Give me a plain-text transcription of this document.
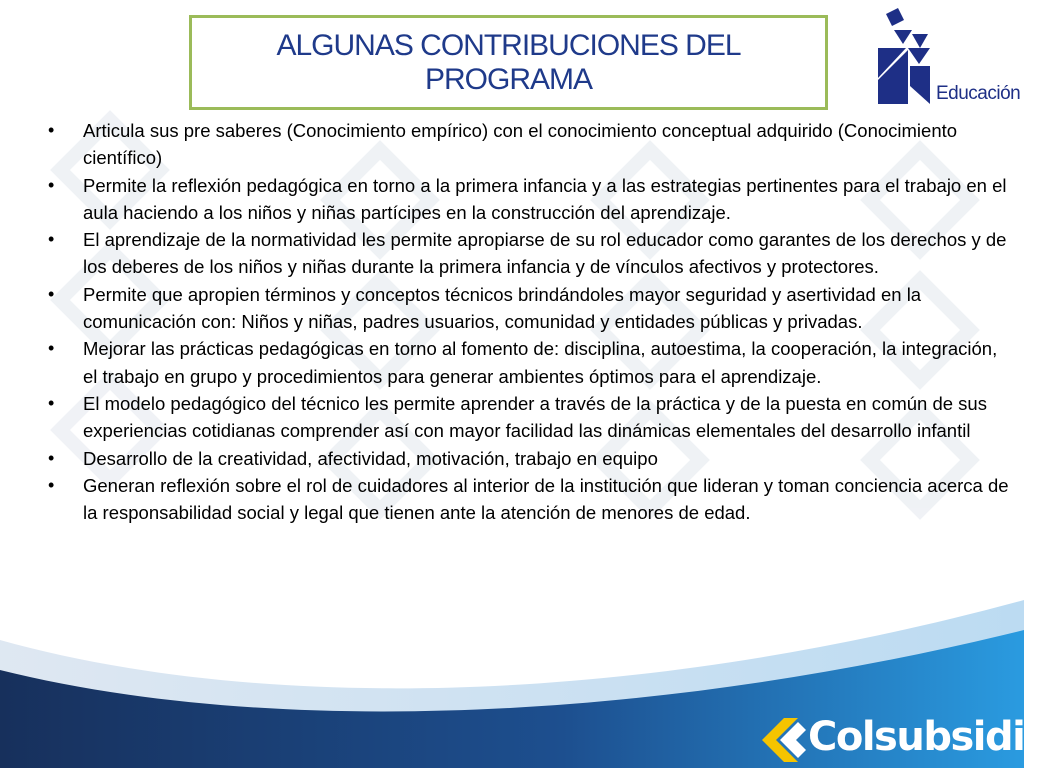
ALGUNAS CONTRIBUCIONES DEL
PROGRAMA	Educación
•	Articula sus pre saberes (Conocimiento empírico) con el conocimiento conceptual adquirido (Conocimiento científico)
•	Permite la reflexión pedagógica en torno a la primera infancia y a las estrategias pertinentes para el trabajo en el aula haciendo a los niños y niñas partícipes en la construcción del aprendizaje.
•	El aprendizaje de la normatividad les permite apropiarse de su rol educador como garantes de los derechos y de los deberes de los niños y niñas durante la primera infancia y de vínculos afectivos y protectores.
•	Permite que apropien términos y conceptos técnicos brindándoles mayor seguridad y asertividad en la comunicación con: Niños y niñas, padres usuarios, comunidad y entidades públicas y privadas.
•	Mejorar las prácticas pedagógicas en torno al fomento de: disciplina, autoestima, la cooperación, la integración, el trabajo en grupo y procedimientos para generar ambientes óptimos para el aprendizaje.
•	El modelo pedagógico del técnico les permite aprender a través de la práctica y de la puesta en común de sus experiencias cotidianas comprender así con mayor facilidad las dinámicas elementales del desarrollo infantil
•	Desarrollo de la creatividad, afectividad, motivación, trabajo en equipo
•	Generan reflexión sobre el rol de cuidadores al interior de la institución que lideran y toman conciencia acerca de la responsabilidad social y legal que tienen ante la atención de menores de edad.
Colsubsidio
